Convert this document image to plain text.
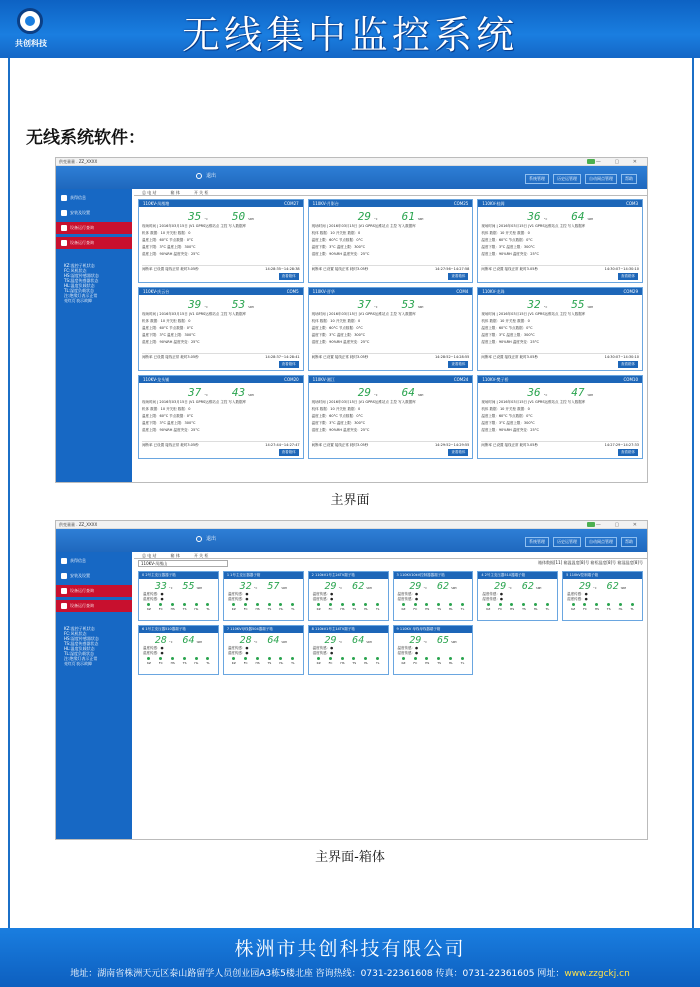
共创科技	无线集中监控系统
无线系统软件：
供变量量 . ZZ_XXXX	— ▢ ✕
退出	系统管理	历史运管理	自动网点管理	帮助
获得信息
安装及设置
设备运行查询
设备运行查询
KZ:监控子机状态
FC:风机状态
HS:湿度传感器状态
TS:温度传感器状态
HL:温度负载状态
TL:湿度负载状态
注:绝缘灯表示正常
亮红灯表示故障
总 电 站	箱 体	开 关 柜
110KV-凤凰塘	COM27
35 °C 50 %RH
现场时间 | 2016年03月15日 |V1 GPRS运维站点 主控 写入数据库
机体 数据：10 开关柜 数据：0
温度上限：60°C 节点数据：0°C
温度下限：3°C 温度上限：300°C
湿度上限：90%RH 温度突变：25°C
间断率 已设置 接线正常 耗时3.05秒	14:28:35~14:28:38
查看箱体
110KV-月影台	COM25
29 °C 61 %RH
现场时间 | 2016年03月15日 |V1 GPRS运维站点 主控 写入数据库
机体 数据：10 开关柜 数据：0
温度上限：60°C 节点数据：0°C
温度下限：3°C 温度上限：300°C
湿度上限：90%RH 温度突变：25°C
间断率 已设置 接线正常 耗时3.05秒	14:27:56~14:27:58
查看箱体
110KV-桂阁	COM3
36 °C 64 %RH
现场时间 | 2016年03月15日 |V1 GPRS运维站点 主控 写入数据库
机体 数据：10 开关柜 数据：0
温度上限：60°C 节点数据：0°C
温度下限：3°C 温度上限：300°C
湿度上限：90%RH 温度突变：25°C
间断率 已设置 接线正常 耗时3.05秒	14:30:07~14:30:10
查看箱体
110KV-庆云台	COM5
39 °C 53 %RH
现场时间 | 2016年03月15日 |V1 GPRS运维站点 主控 写入数据库
机体 数据：10 开关柜 数据：0
温度上限：60°C 节点数据：0°C
温度下限：3°C 温度上限：300°C
湿度上限：90%RH 温度突变：25°C
间断率 已设置 接线正常 耗时3.05秒	14:28:37~14:28:41
查看箱体
110KV-晋华	COM4
37 °C 53 %RH
现场时间 | 2016年03月15日 |V1 GPRS运维站点 主控 写入数据库
机体 数据：10 开关柜 数据：0
温度上限：60°C 节点数据：0°C
温度下限：3°C 温度上限：300°C
湿度上限：90%RH 温度突变：25°C
间断率 已设置 接线正常 耗时3.05秒	14:28:52~14:28:55
查看箱体
110KV-龙珠	COM29
32 °C 55 %RH
现场时间 | 2016年03月15日 |V1 GPRS运维站点 主控 写入数据库
机体 数据：10 开关柜 数据：0
温度上限：60°C 节点数据：0°C
温度下限：3°C 温度上限：300°C
湿度上限：90%RH 温度突变：25°C
间断率 已设置 接线正常 耗时3.05秒	14:30:07~14:30:10
查看箱体
110KV-龙头铺	COM20
37 °C 43 %RH
现场时间 | 2016年03月15日 |V1 GPRS运维站点 主控 写入数据库
机体 数据：10 开关柜 数据：0
温度上限：60°C 节点数据：0°C
温度下限：3°C 温度上限：300°C
湿度上限：90%RH 温度突变：25°C
间断率 已设置 接线正常 耗时3.05秒	14:27:44~14:27:47
查看箱体
110KV-湘江	COM24
29 °C 64 %RH
现场时间 | 2016年03月15日 |V1 GPRS运维站点 主控 写入数据库
机体 数据：10 开关柜 数据：0
温度上限：60°C 节点数据：0°C
温度下限：3°C 温度上限：300°C
湿度上限：90%RH 温度突变：25°C
间断率 已设置 接线正常 耗时3.05秒	14:29:52~14:29:55
查看箱体
110KV-樊子桥	COM10
36 °C 47 %RH
现场时间 | 2016年03月15日 |V1 GPRS运维站点 主控 写入数据库
机体 数据：10 开关柜 数据：0
温度上限：60°C 节点数据：0°C
温度下限：3°C 温度上限：300°C
湿度上限：90%RH 温度突变：25°C
间断率 已设置 接线正常 耗时3.05秒	14:27:29~14:27:33
查看箱体
主界面
供变量量 . ZZ_XXXX	— ▢ ✕
退出	系统管理	历史运管理	自动网点管理	帮助
获得信息
安装及设置
设备运行查询
设备运行查询
KZ:监控子机状态
FC:风机状态
HS:湿度传感器状态
TS:温度传感器状态
HL:温度负载状态
TL:湿度负载状态
注:绝缘灯表示正常
亮红灯表示故障
总 电 站	箱 体	开 关 柜
110KV-凤凰山	箱体数据[11] 箱温温度[8]号 箱柜温度[8]号 箱湿温度[8]号
0 2号主变压器器子箱
33 °C 55 %RH
温度传感：●
湿度传感：●
KZ	FC	HS	TS	HL	TL
1 1号主变压器器子箱
32 °C 57 %RH
温度传感：●
湿度传感：●
KZ	FC	HS	TS	HL	TL
2 110kV1号主24TV端子箱
29 °C 62 %RH
温度传感：●
湿度传感：●
KZ	FC	HS	TS	HL	TL
3 110KV10kV控制器器端子箱
29 °C 62 %RH
温度传感：●
湿度传感：●
KZ	FC	HS	TS	HL	TL
4 2号主变压器510器端子箱
29 °C 62 %RH
温度传感：●
湿度传感：●
KZ	FC	HS	TS	HL	TL
5 110kV控制端子箱
29 °C 62 %RH
温度传感：●
湿度传感：●
KZ	FC	HS	TS	HL	TL
6 1号主变压器510器端子箱
28 °C 64 %RH
温度传感：●
湿度传感：●
KZ	FC	HS	TS	HL	TL
7 110KV母线器504器端子箱
28 °C 64 %RH
温度传感：●
湿度传感：●
KZ	FC	HS	TS	HL	TL
8 110kV1号主14TV端子箱
29 °C 64 %RH
温度传感：●
湿度传感：●
KZ	FC	HS	TS	HL	TL
9 110KV 母线母线器端子箱
29 °C 65 %RH
温度传感：●
湿度传感：●
KZ	FC	HS	TS	HL	TL
主界面-箱体
株洲市共创科技有限公司
地址：湖南省株洲天元区泰山路留学人员创业园A3栋5楼北座 咨询热线：0731-22361608 传真：0731-22361605 网址：www.zzgckj.cn
